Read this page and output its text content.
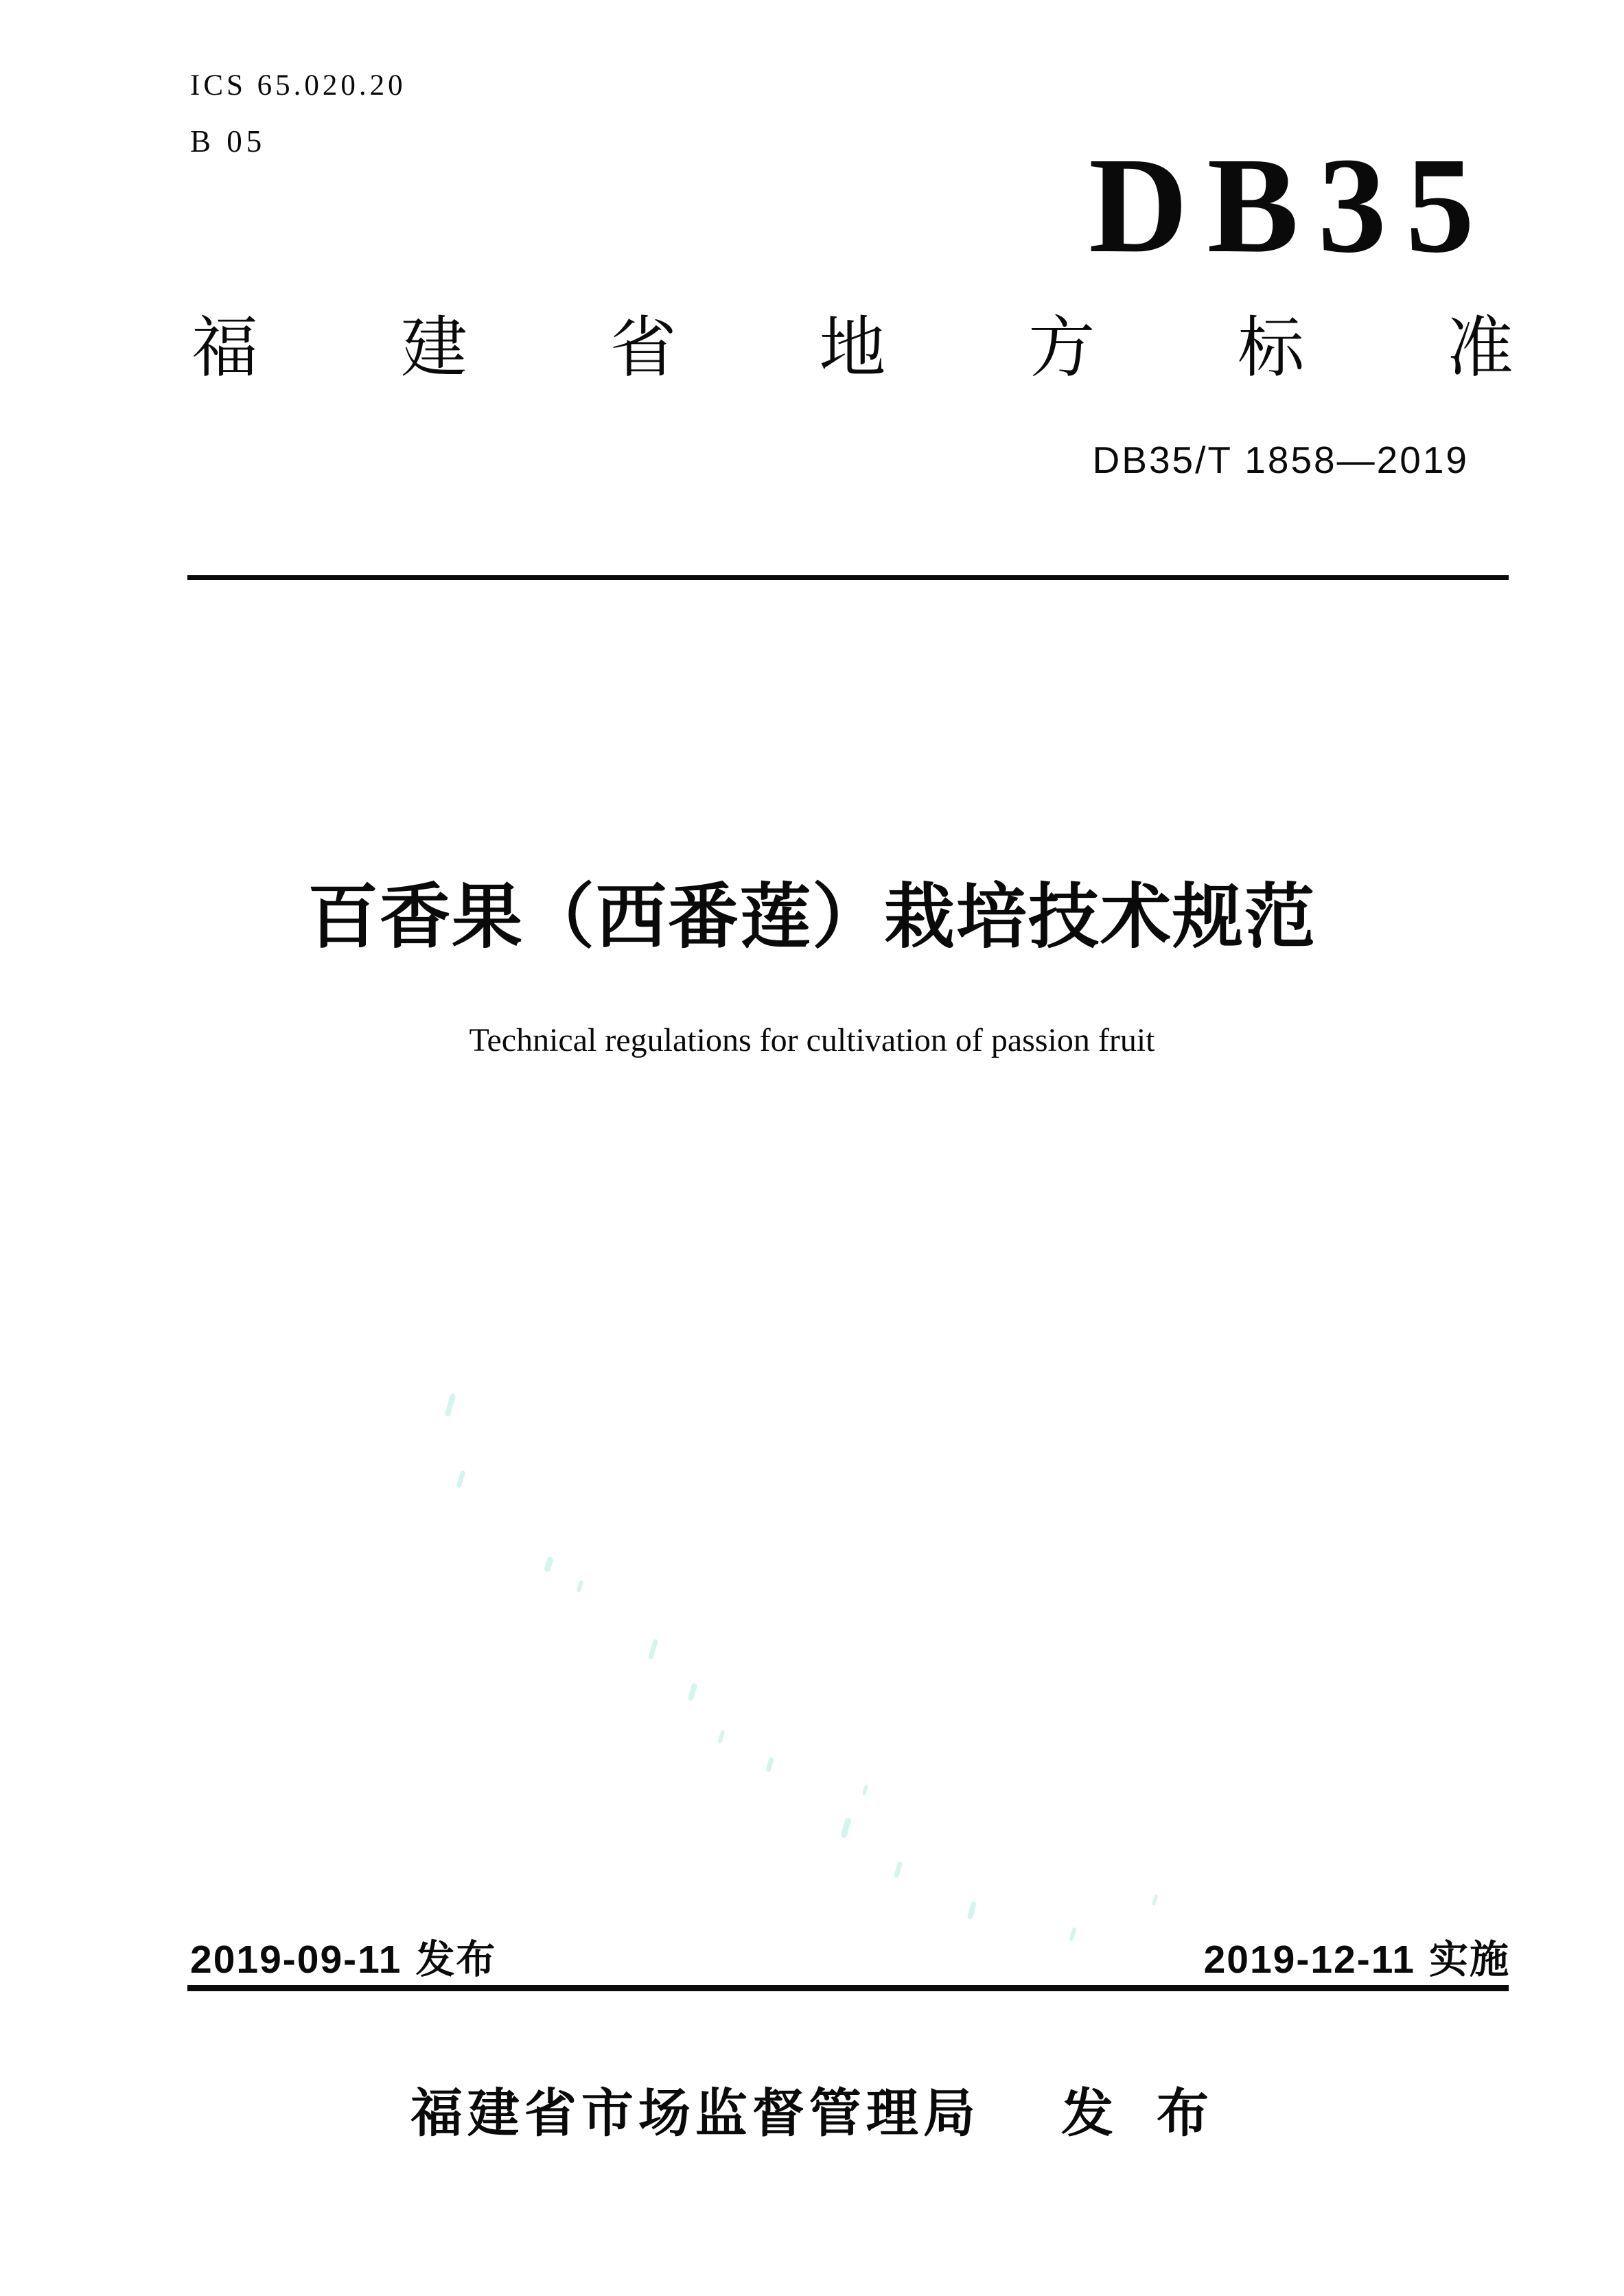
ICS 65.020.20
B 05	DB35
福 建 省 地 方 标 准
DB35/T 1858—2019
百香果（西番莲）栽培技术规范
Technical regulations for cultivation of passion fruit
2019-09-11 发布	2019-12-11 实施
福建省市场监督管理局 发 布
